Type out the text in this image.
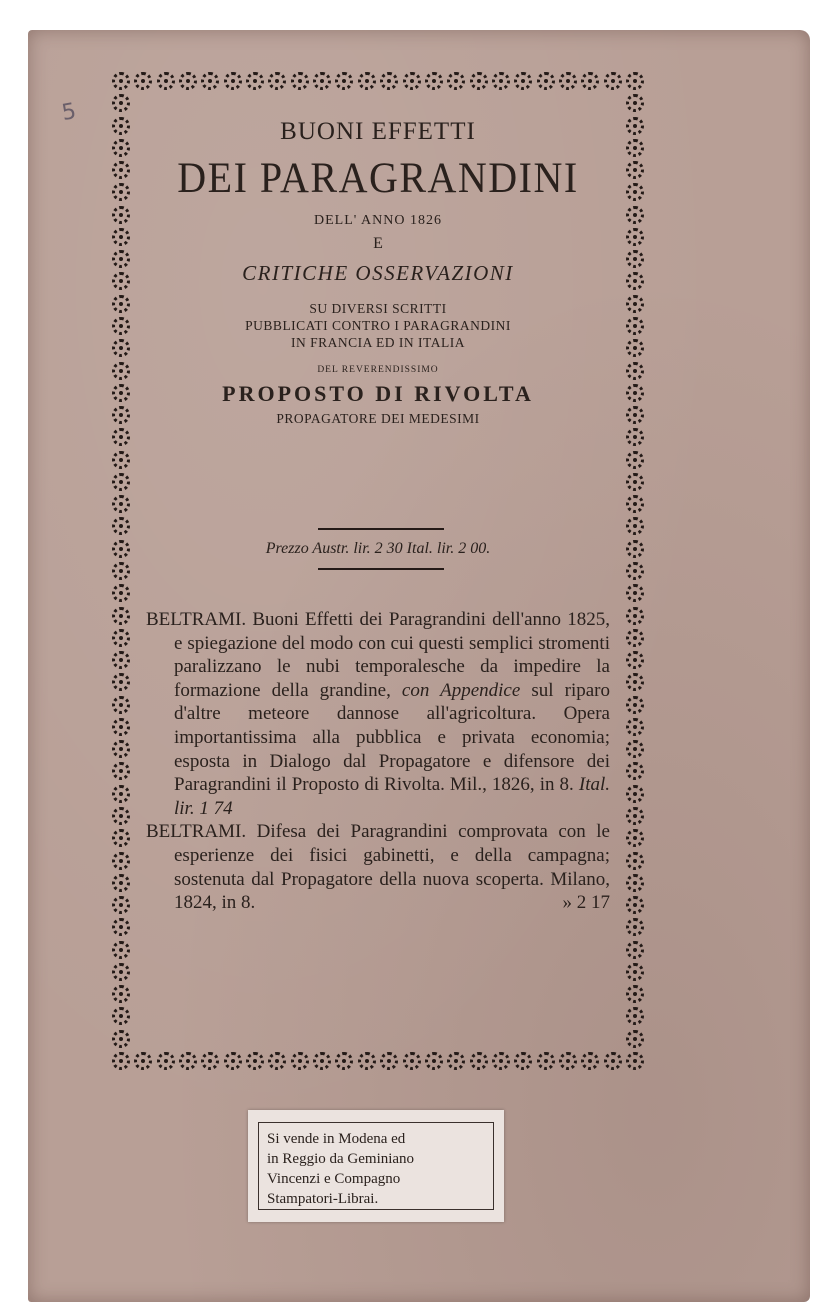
5

BUONI EFFETTI

DEI PARAGRANDINI

DELL' ANNO 1826

E

CRITICHE OSSERVAZIONI

SU DIVERSI SCRITTI

PUBBLICATI CONTRO I PARAGRANDINI

IN FRANCIA ED IN ITALIA

DEL REVERENDISSIMO

PROPOSTO DI RIVOLTA

PROPAGATORE DEI MEDESIMI

Prezzo Austr. lir. 2 30 Ital. lir. 2 00.

BELTRAMI. Buoni Effetti dei Paragrandini dell'anno 1825, e spiegazione del modo con cui questi semplici stromenti paralizzano le nubi temporalesche da impedire la formazione della grandine, con Appendice sul riparo d'altre meteore dannose all'agricoltura. Opera importantissima alla pubblica e privata economia; esposta in Dialogo dal Propagatore e difensore dei Paragrandini il Proposto di Rivolta. Mil., 1826, in 8. Ital. lir. 1 74

BELTRAMI. Difesa dei Paragrandini comprovata con le esperienze dei fisici gabinetti, e della campagna; sostenuta dal Propagatore della nuova scoperta. Milano, 1824, in 8.	» 2 17

Si vende in Modena ed
in Reggio da Geminiano
Vincenzi e Compagno
Stampatori-Librai.
